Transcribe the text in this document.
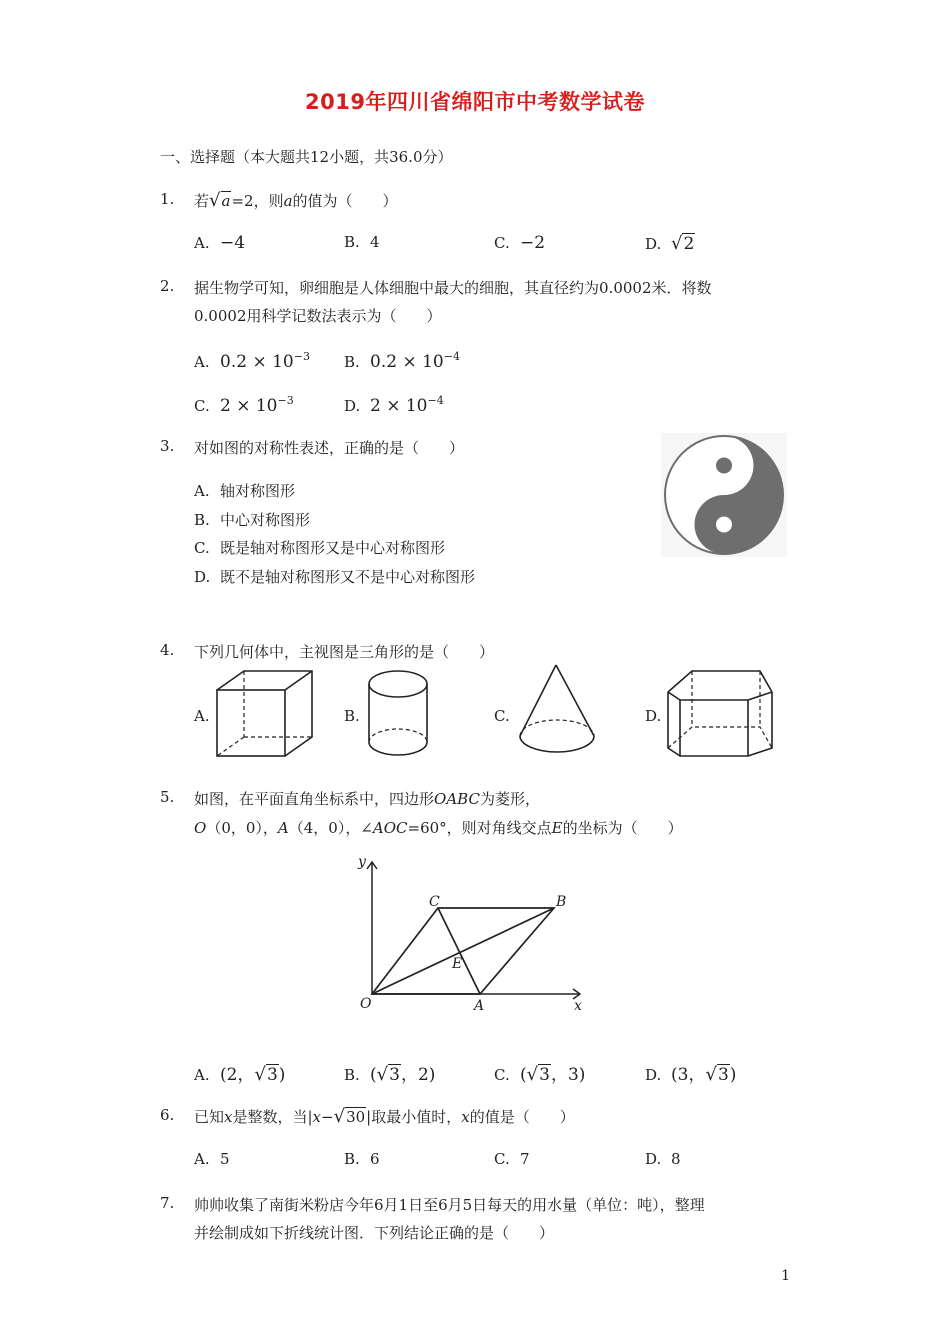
2019年四川省绵阳市中考数学试卷
一、选择题（本大题共12小题，共36.0分）
1.	若√a=2，则a的值为（　　）
A. −4	B. 4	C. −2	D. √2
2.	据生物学可知，卵细胞是人体细胞中最大的细胞，其直径约为0.0002米．将数
0.0002用科学记数法表示为（　　）
A. $0.2 \times 10^{-3}$ B. $0.2 \times 10^{-4}$
C. $2 \times 10^{-3}$	D. $2 \times 10^{-4}$
3.	对如图的对称性表述，正确的是（　　）
A. 轴对称图形
B. 中心对称图形
C. 既是轴对称图形又是中心对称图形
D. 既不是轴对称图形又不是中心对称图形
4.	下列几何体中，主视图是三角形的是（　　）
A.	B.	C.	D.
5.	如图，在平面直角坐标系中，四边形OABC为菱形，
O（0，0），A（4，0），∠AOC=60°，则对角线交点E的坐标为（　　）
y
x
O	A
B
C
E
A. (2，√3)	B. (√3，2)	C. (√3，3)	D. (3，√3)
6.	已知x是整数，当|x−√30|取最小值时，x的值是（　　）
A. 5	B. 6	C. 7	D. 8
7.	帅帅收集了南街米粉店今年6月1日至6月5日每天的用水量（单位：吨），整理
并绘制成如下折线统计图．下列结论正确的是（　　）
1
